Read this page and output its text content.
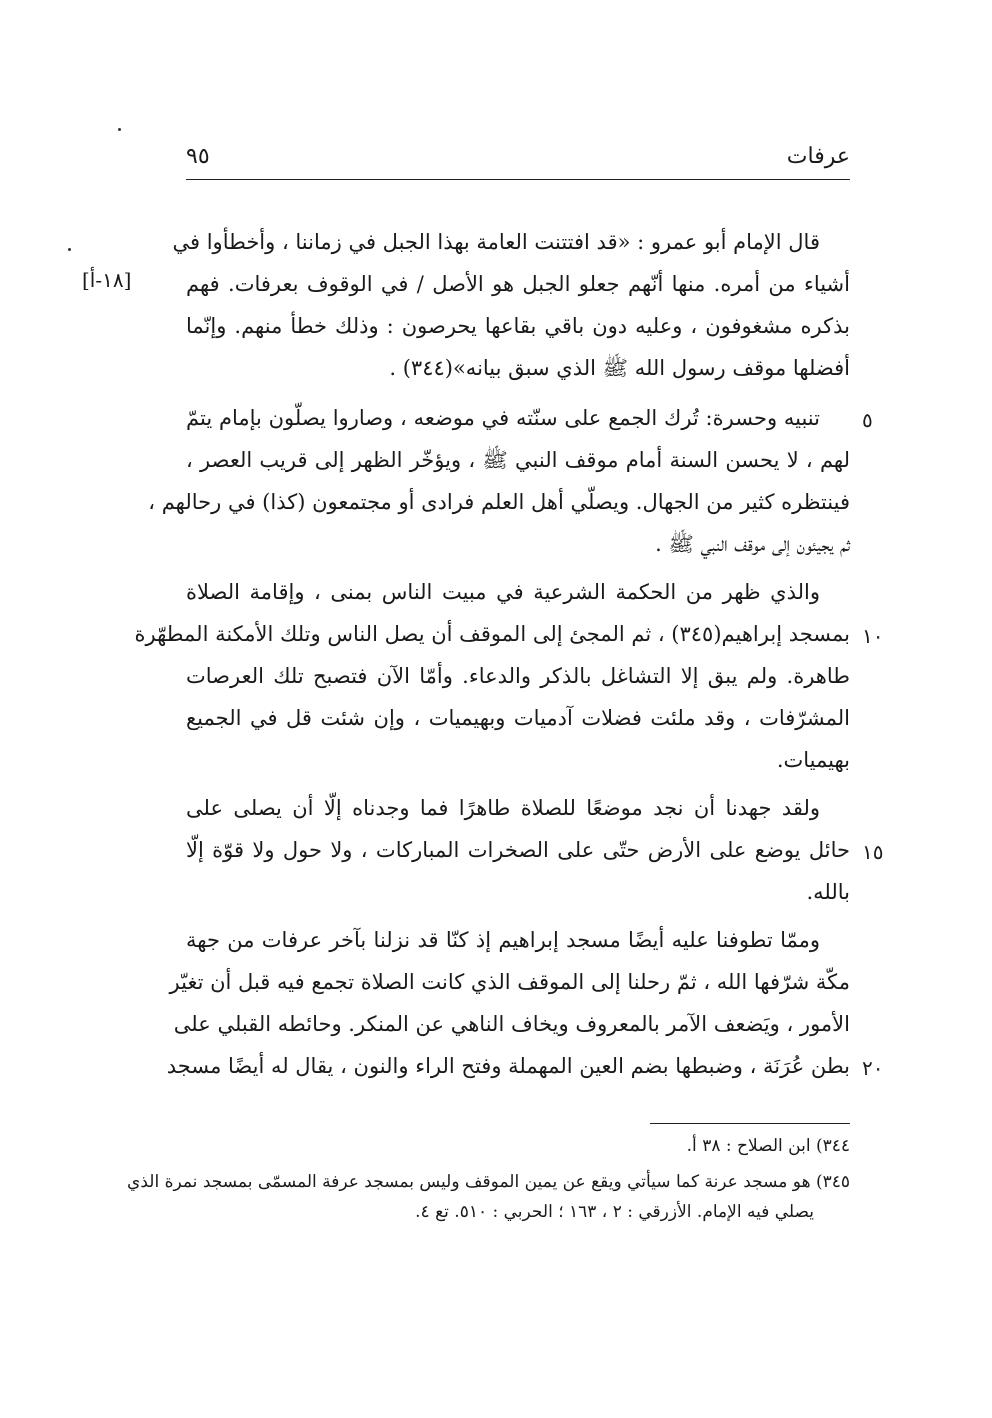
عرفات
٩٥
[١٨-أ]
قال الإمام أبو عمرو : «قد افتتنت العامة بهذا الجبل في زماننا ، وأخطأوا في
أشياء من أمره. منها أنّهم جعلو الجبل هو الأصل / في الوقوف بعرفات. فهم
بذكره مشغوفون ، وعليه دون باقي بقاعها يحرصون : وذلك خطأ منهم. وإنّما
أفضلها موقف رسول الله ﷺ الذي سبق بيانه»(٣٤٤) .
٥
تنبيه وحسرة: تُرك الجمع على سنّته في موضعه ، وصاروا يصلّون بإمام يتمّ
لهم ، لا يحسن السنة أمام موقف النبي ﷺ ، ويؤخّر الظهر إلى قريب العصر ،
فينتظره كثير من الجهال. ويصلّي أهل العلم فرادى أو مجتمعون (كذا) في رحالهم ،
ثم يجيئون إلى موقف النبي ﷺ .
والذي ظهر من الحكمة الشرعية في مبيت الناس بمنى ، وإقامة الصلاة
١٠
بمسجد إبراهيم(٣٤٥) ، ثم المجئ إلى الموقف أن يصل الناس وتلك الأمكنة المطهّرة
طاهرة. ولم يبق إلا التشاغل بالذكر والدعاء. وأمّا الآن فتصبح تلك العرصات
المشرّفات ، وقد ملئت فضلات آدميات وبهيميات ، وإن شئت قل في الجميع
بهيميات.
ولقد جهدنا أن نجد موضعًا للصلاة طاهرًا فما وجدناه إلّا أن يصلى على
١٥
حائل يوضع على الأرض حتّى على الصخرات المباركات ، ولا حول ولا قوّة إلّا
بالله.
وممّا تطوفنا عليه أيضًا مسجد إبراهيم إذ كنّا قد نزلنا بآخر عرفات من جهة
مكّة شرّفها الله ، ثمّ رحلنا إلى الموقف الذي كانت الصلاة تجمع فيه قبل أن تغيّر
الأمور ، ويَضعف الآمر بالمعروف ويخاف الناهي عن المنكر. وحائطه القبلي على
٢٠
بطن عُرَنَة ، وضبطها بضم العين المهملة وفتح الراء والنون ، يقال له أيضًا مسجد
٣٤٤) ابن الصلاح : ٣٨ أ.
٣٤٥) هو مسجد عرنة كما سيأتي ويقع عن يمين الموقف وليس بمسجد عرفة المسمّى بمسجد نمرة الذي
يصلي فيه الإمام. الأزرقي : ٢ ، ١٦٣ ؛ الحربي : ٥١٠. تع ٤.
